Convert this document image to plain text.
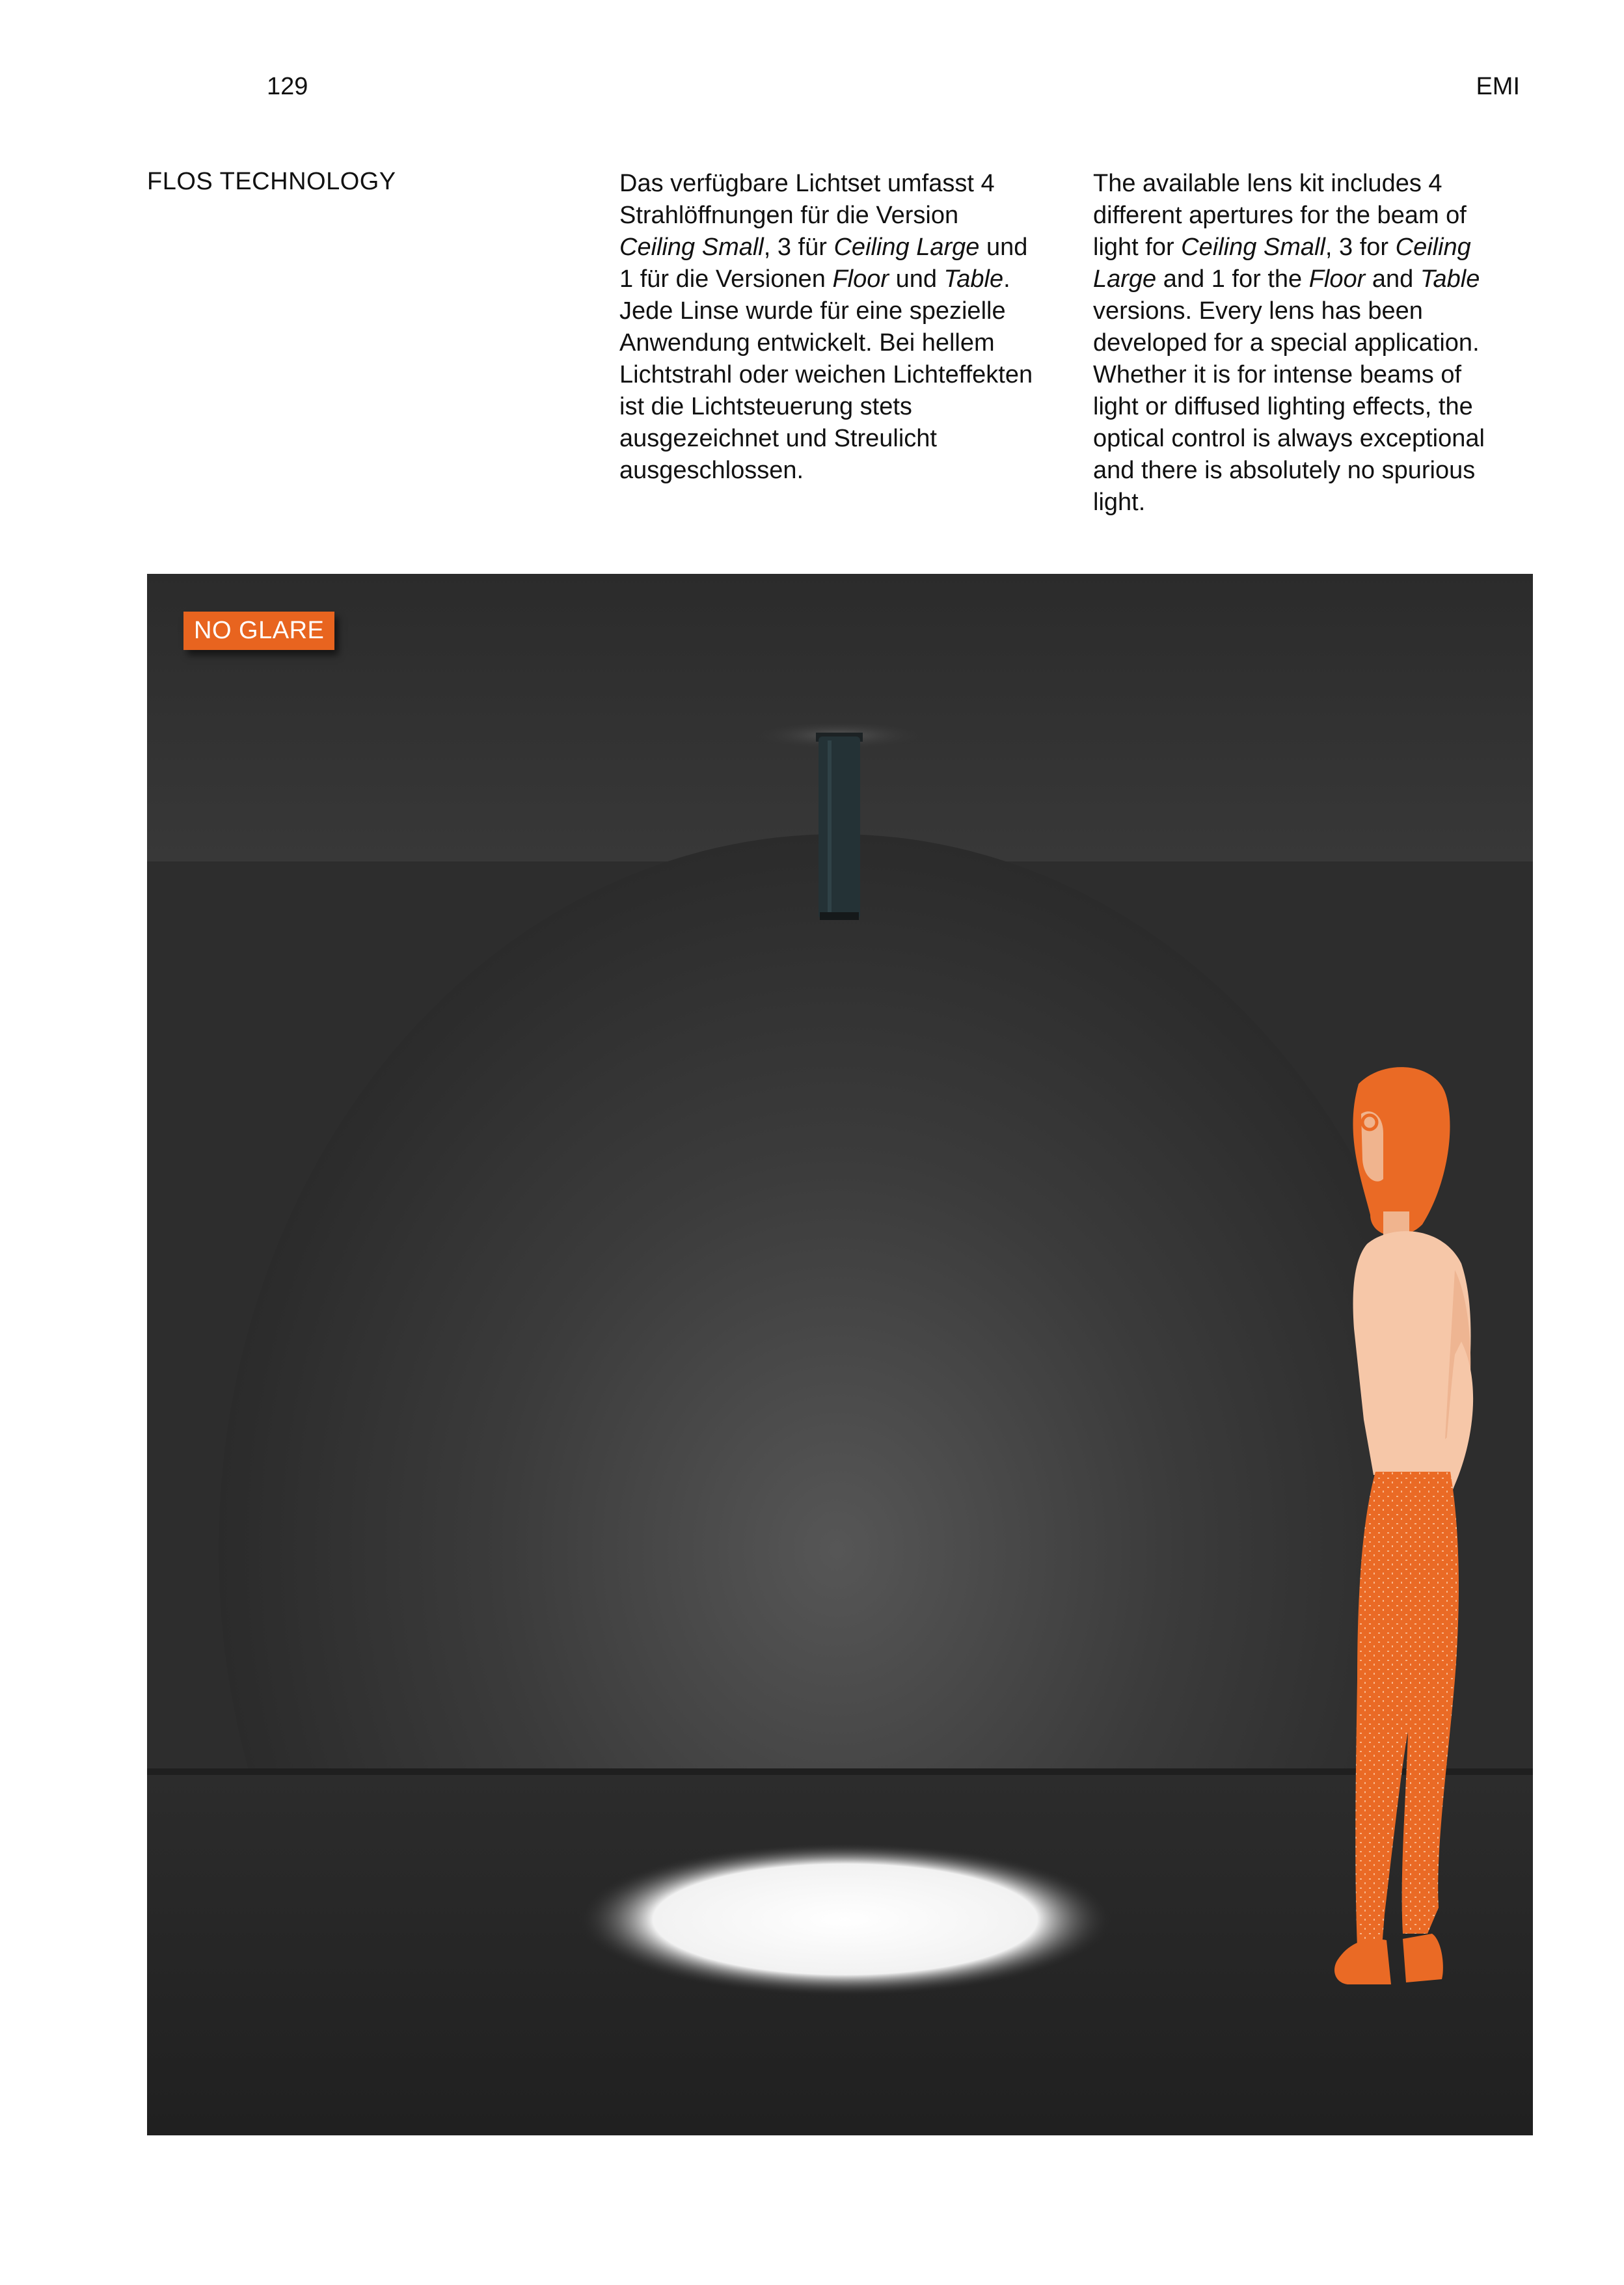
129	EMI
FLOS TECHNOLOGY	Das verfügbare Lichtset umfasst 4 Strahlöffnungen für die Version Ceiling Small, 3 für Ceiling Large und 1 für die Versionen Floor und Table. Jede Linse wurde für eine spezielle Anwendung entwickelt. Bei hellem Lichtstrahl oder weichen Lichteffekten ist die Lichtsteuerung stets ausgezeichnet und Streulicht ausgeschlossen.

The available lens kit includes 4 different apertures for the beam of light for Ceiling Small, 3 for Ceiling Large and 1 for the Floor and Table versions. Every lens has been developed for a special application. Whether it is for intense beams of light or diffused lighting effects, the optical control is always exceptional and there is absolutely no spurious light.

NO GLARE
